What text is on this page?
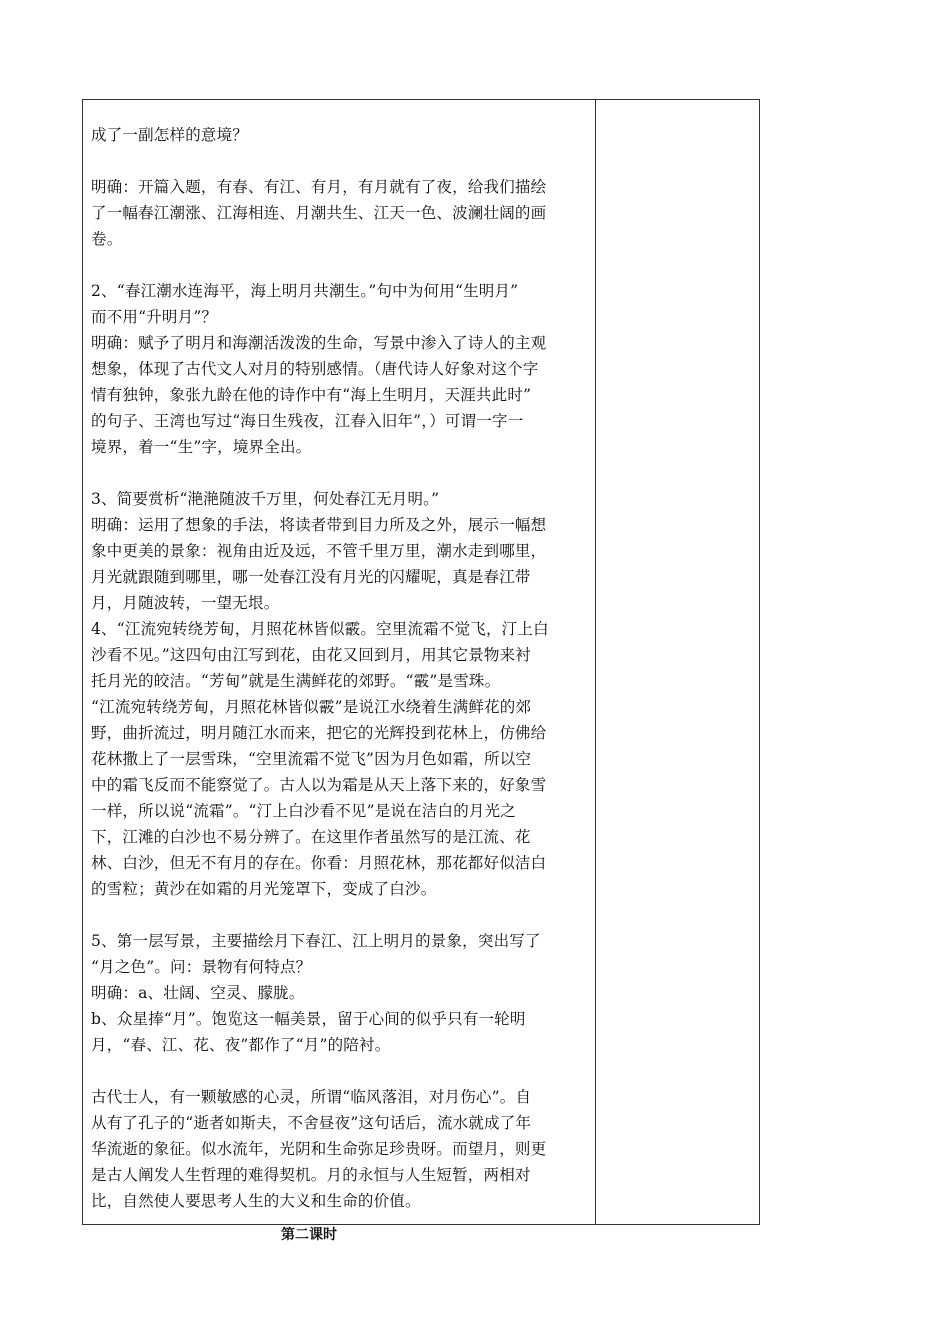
成了一副怎样的意境？

明确：开篇入题，有春、有江、有月，有月就有了夜，给我们描绘

了一幅春江潮涨、江海相连、月潮共生、江天一色、波澜壮阔的画

卷。

2、“春江潮水连海平，海上明月共潮生。”句中为何用“生明月”

而不用“升明月”？

明确：赋予了明月和海潮活泼泼的生命，写景中渗入了诗人的主观

想象，体现了古代文人对月的特别感情。（唐代诗人好象对这个字

情有独钟，象张九龄在他的诗作中有“海上生明月，天涯共此时”

的句子、王湾也写过“海日生残夜，江春入旧年”，）可谓一字一

境界，着一“生”字，境界全出。

3、简要赏析“滟滟随波千万里，何处春江无月明。”

明确：运用了想象的手法，将读者带到目力所及之外，展示一幅想

象中更美的景象：视角由近及远，不管千里万里，潮水走到哪里，

月光就跟随到哪里，哪一处春江没有月光的闪耀呢，真是春江带

月，月随波转，一望无垠。

4、“江流宛转绕芳甸，月照花林皆似霰。空里流霜不觉飞，汀上白

沙看不见。”这四句由江写到花，由花又回到月，用其它景物来衬

托月光的皎洁。“芳甸”就是生满鲜花的郊野。“霰”是雪珠。

“江流宛转绕芳甸，月照花林皆似霰”是说江水绕着生满鲜花的郊

野，曲折流过，明月随江水而来，把它的光辉投到花林上，仿佛给

花林撒上了一层雪珠，“空里流霜不觉飞”因为月色如霜，所以空

中的霜飞反而不能察觉了。古人以为霜是从天上落下来的，好象雪

一样，所以说“流霜”。“汀上白沙看不见”是说在洁白的月光之

下，江滩的白沙也不易分辨了。在这里作者虽然写的是江流、花

林、白沙，但无不有月的存在。你看：月照花林，那花都好似洁白

的雪粒；黄沙在如霜的月光笼罩下，变成了白沙。

5、第一层写景，主要描绘月下春江、江上明月的景象，突出写了

“月之色”。问：景物有何特点？

明确：a、壮阔、空灵、朦胧。

b、众星捧“月”。饱览这一幅美景，留于心间的似乎只有一轮明

月，“春、江、花、夜”都作了“月”的陪衬。

古代士人，有一颗敏感的心灵，所谓“临风落泪，对月伤心”。自

从有了孔子的“逝者如斯夫，不舍昼夜”这句话后，流水就成了年

华流逝的象征。似水流年，光阴和生命弥足珍贵呀。而望月，则更

是古人阐发人生哲理的难得契机。月的永恒与人生短暂，两相对

比，自然使人要思考人生的大义和生命的价值。

第二课时
